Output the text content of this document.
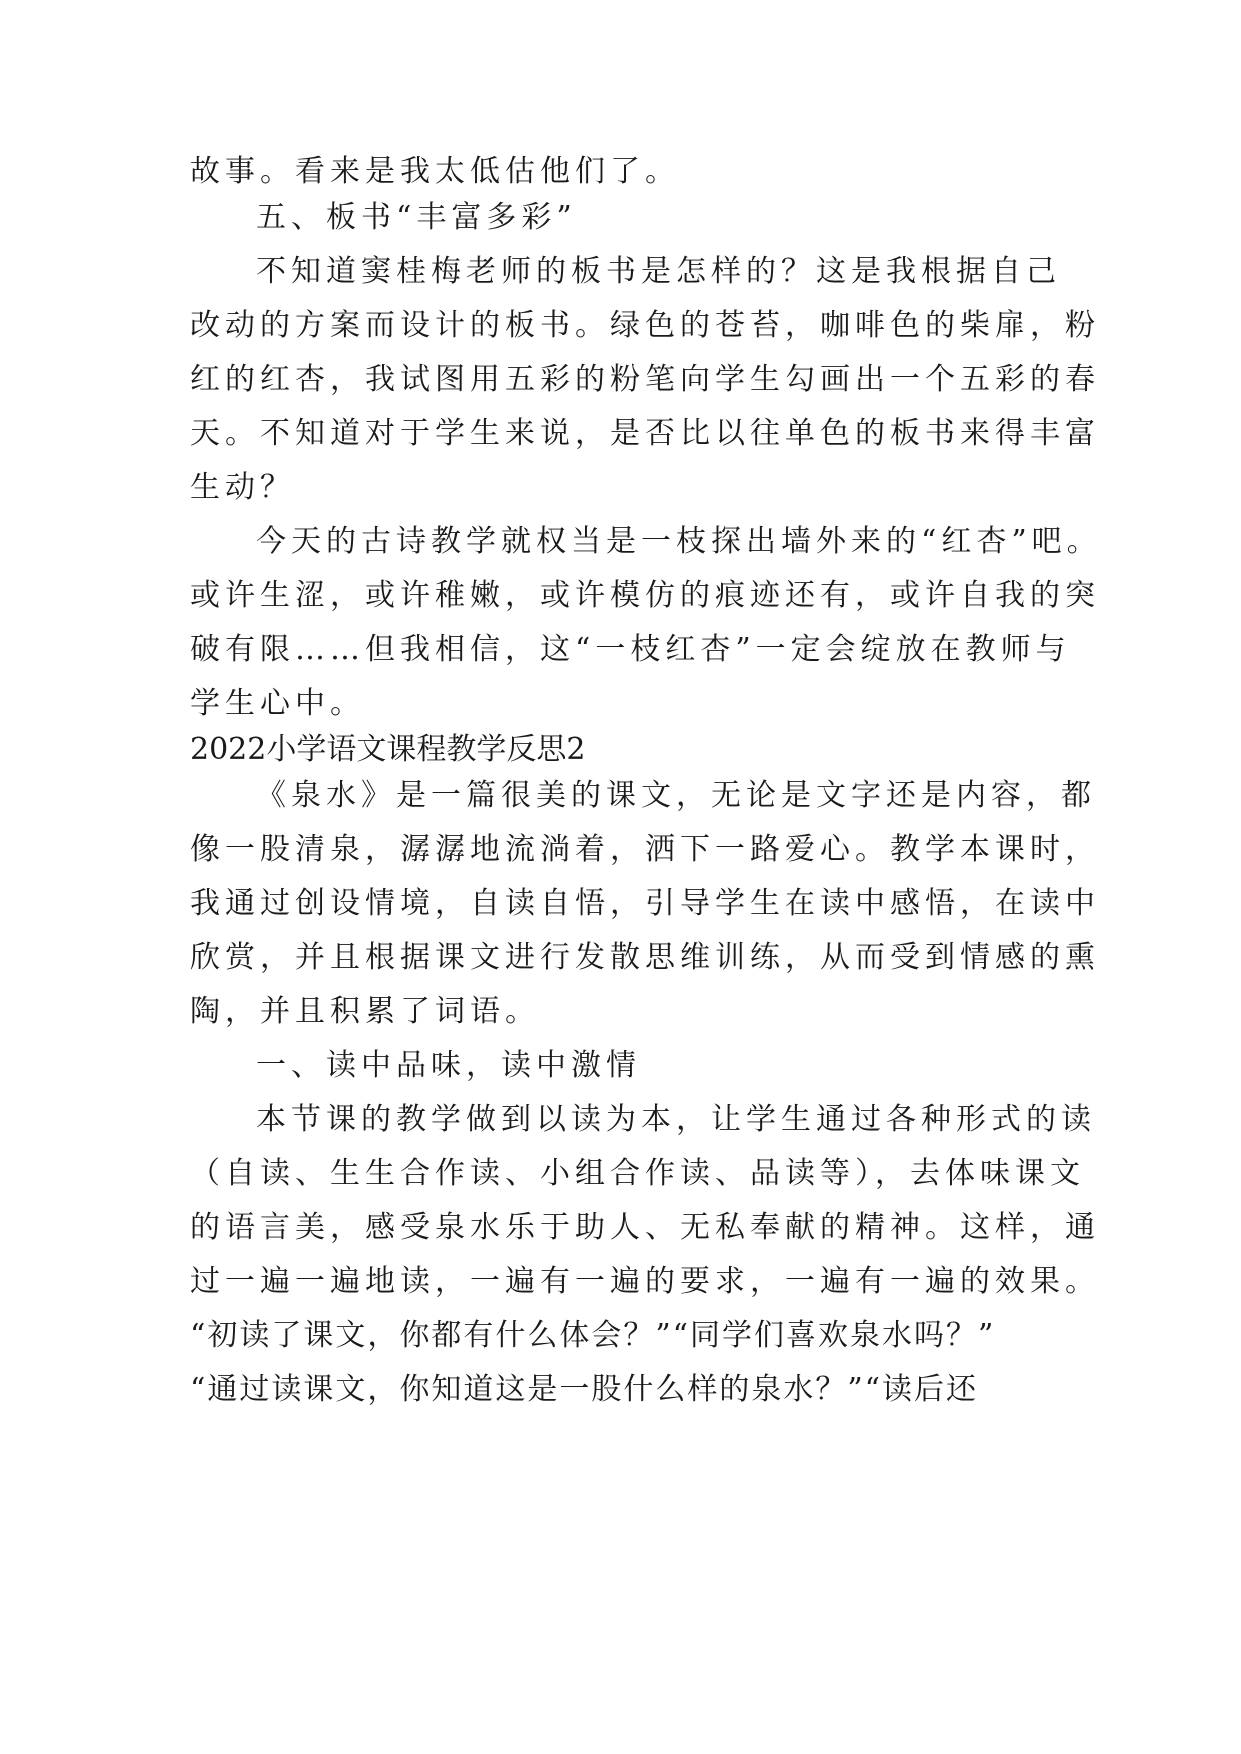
故事。看来是我太低估他们了。
五、板书“丰富多彩”
不知道窦桂梅老师的板书是怎样的？这是我根据自己
改动的方案而设计的板书。绿色的苍苔，咖啡色的柴扉，粉
红的红杏，我试图用五彩的粉笔向学生勾画出一个五彩的春
天。不知道对于学生来说，是否比以往单色的板书来得丰富
生动？
今天的古诗教学就权当是一枝探出墙外来的“红杏”吧。
或许生涩，或许稚嫩，或许模仿的痕迹还有，或许自我的突
破有限……但我相信，这“一枝红杏”一定会绽放在教师与
学生心中。
2022小学语文课程教学反思2
《泉水》是一篇很美的课文，无论是文字还是内容，都
像一股清泉，潺潺地流淌着，洒下一路爱心。教学本课时，
我通过创设情境，自读自悟，引导学生在读中感悟，在读中
欣赏，并且根据课文进行发散思维训练，从而受到情感的熏
陶，并且积累了词语。
一、读中品味，读中激情
本节课的教学做到以读为本，让学生通过各种形式的读
（自读、生生合作读、小组合作读、品读等），去体味课文
的语言美，感受泉水乐于助人、无私奉献的精神。这样，通
过一遍一遍地读，一遍有一遍的要求，一遍有一遍的效果。
“初读了课文，你都有什么体会？”“同学们喜欢泉水吗？”
“通过读课文，你知道这是一股什么样的泉水？”“读后还
